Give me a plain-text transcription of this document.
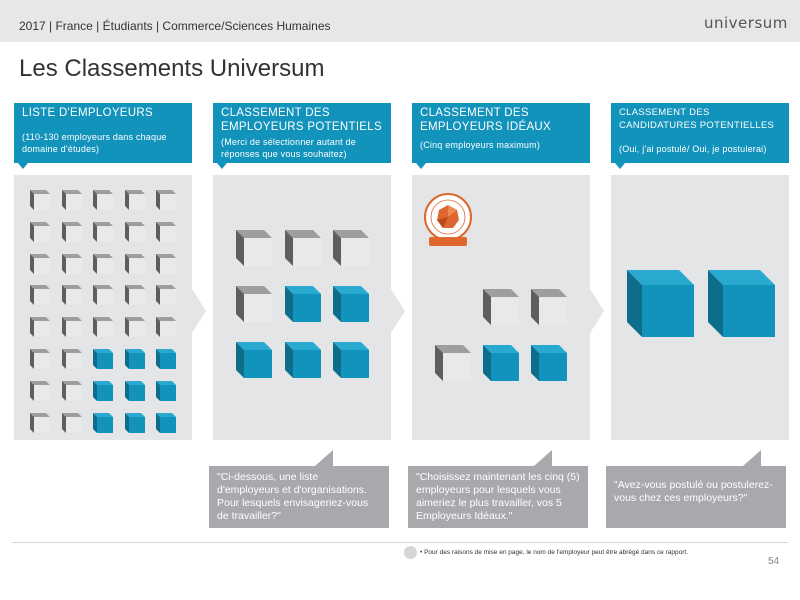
2017 | France | Étudiants | Commerce/Sciences Humaines	universum
Les Classements Universum
LISTE D'EMPLOYEURS
(110-130 employeurs dans chaque domaine d'études)
CLASSEMENT DES EMPLOYEURS POTENTIELS
(Merci de sélectionner autant de réponses que vous souhaitez)
CLASSEMENT DES EMPLOYEURS IDÉAUX
(Cinq employeurs maximum)
CLASSEMENT DES CANDIDATURES POTENTIELLES
(Oui, j'ai postulé/ Oui, je postulerai)
"Ci-dessous, une liste d'employeurs et d'organisations. Pour lesquels envisageriez-vous de travailler?"
"Choisissez maintenant les cinq (5) employeurs pour lesquels vous aimeriez le plus travailler, vos 5 Employeurs Idéaux."
"Avez-vous postulé ou postulerez-vous chez ces employeurs?"
• Pour des raisons de mise en page, le nom de l'employeur peut être abrégé dans ce rapport.
54
